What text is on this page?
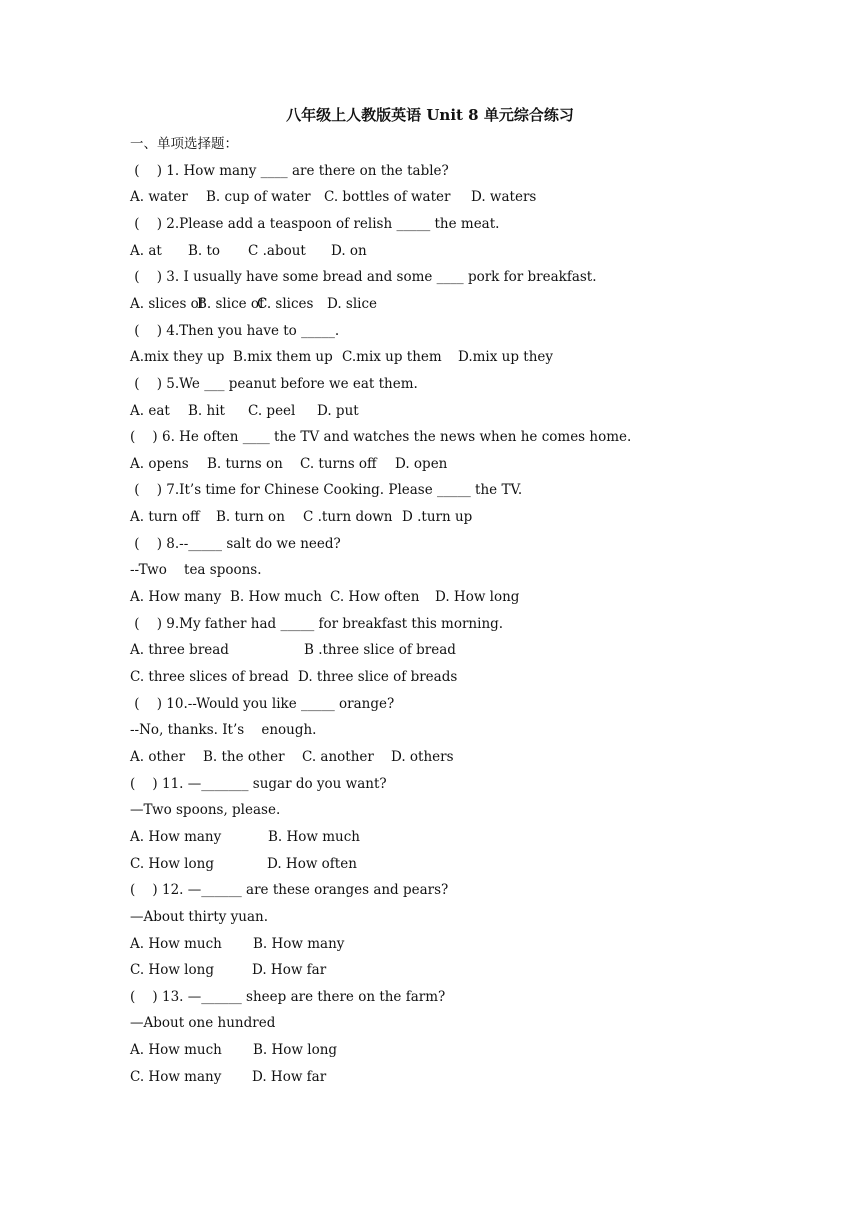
八年级上人教版英语 Unit 8 单元综合练习
一、单项选择题：
(    ) 1. How many ____ are there on the table?
A. water B. cup of water C. bottles of water D. waters
(    ) 2.Please add a teaspoon of relish _____ the meat.
A. at B. to C .about D. on
(    ) 3. I usually have some bread and some ____ pork for breakfast.
A. slices of
B. slice of
C. slices D. slice
(    ) 4.Then you have to _____.
A.mix they up B.mix them up C.mix up them D.mix up they
(    ) 5.We ___ peanut before we eat them.
A. eat B. hit C. peel D. put
(    ) 6. He often ____ the TV and watches the news when he comes home.
A. opens B. turns on C. turns off D. open
(    ) 7.It’s time for Chinese Cooking. Please _____ the TV.
A. turn off B. turn on C .turn down D .turn up
(    ) 8.--_____ salt do we need?
--Two    tea spoons.
A. How many B. How much C. How often D. How long
(    ) 9.My father had _____ for breakfast this morning.
A. three bread	B .three slice of bread
C. three slices of bread D. three slice of breads
(    ) 10.--Would you like _____ orange?
--No, thanks. It’s    enough.
A. other B. the other C. another D. others
(    ) 11. —_______ sugar do you want?
—Two spoons, please.
A. How many	B. How much
C. How long	D. How often
(    ) 12. —______ are these oranges and pears?
—About thirty yuan.
A. How much B. How many
C. How long	D. How far
(    ) 13. —______ sheep are there on the farm?
—About one hundred
A. How much B. How long
C. How many D. How far
